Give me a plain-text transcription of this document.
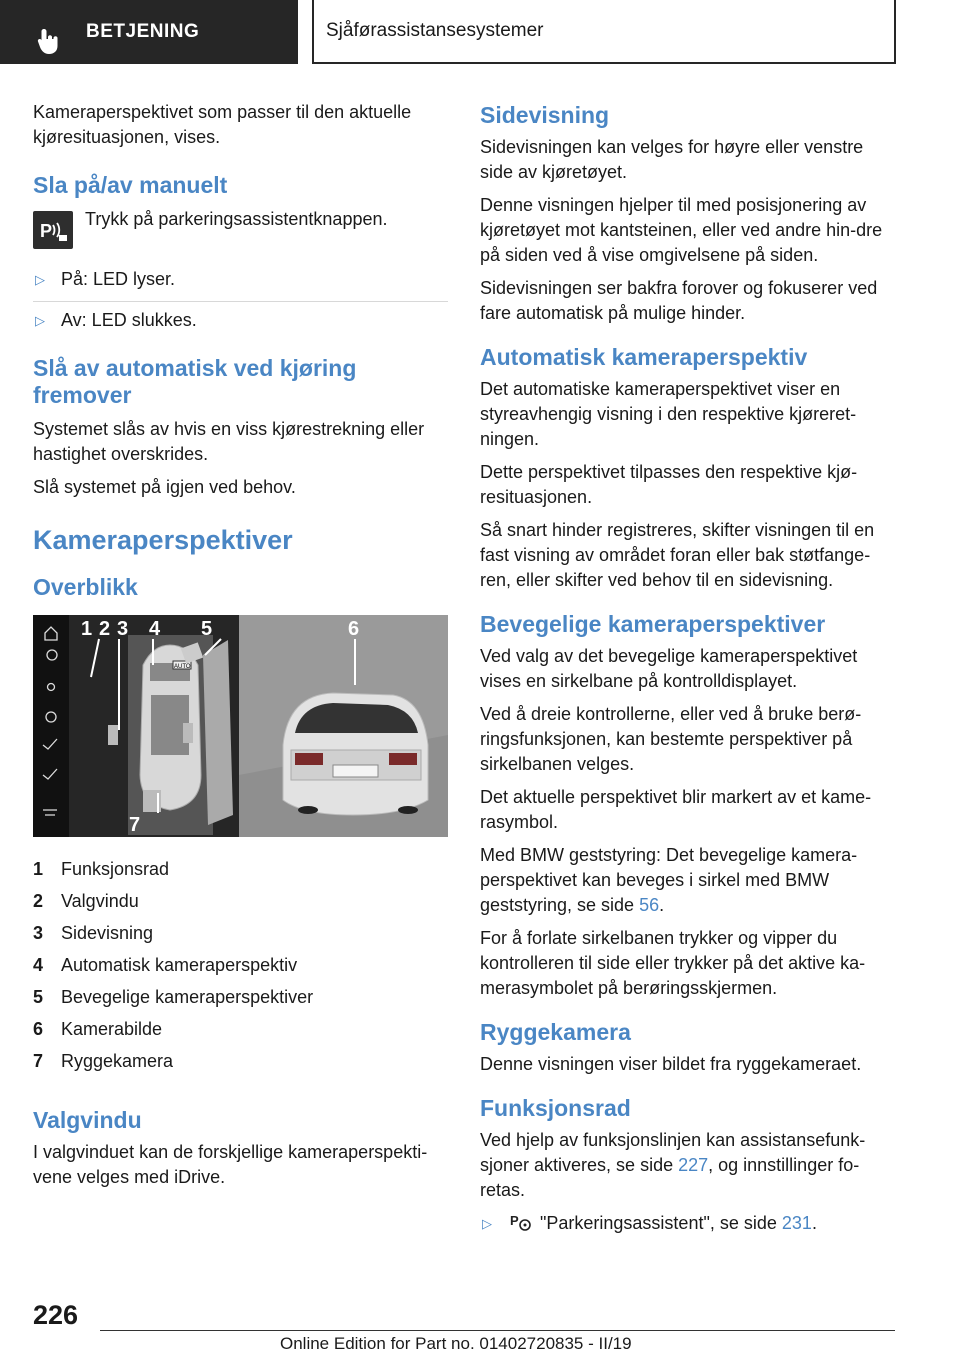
BETJENING	Sjåførassistansesystemer

Kameraperspektivet som passer til den aktuelle kjøresituasjonen, vises.

Sla på/av manuelt
P

Trykk på parkeringsassistentknappen.

▷ På: LED lyser.
▷ Av: LED slukkes.
Slå av automatisk ved kjøring fremover

Systemet slås av hvis en viss kjørestrekning eller hastighet overskrides.

Slå systemet på igjen ved behov.

Kameraperspektiver
Overblikk
AUTO
1 2 3 4 5	6
7
1 Funksjonsrad
2 Valgvindu
3 Sidevisning
4 Automatisk kameraperspektiv
5 Bevegelige kameraperspektiver
6 Kamerabilde
7 Ryggekamera
Valgvindu

I valgvinduet kan de forskjellige kameraperspekti-vene velges med iDrive.

Sidevisning

Sidevisningen kan velges for høyre eller venstre side av kjøretøyet.

Denne visningen hjelper til med posisjonering av kjøretøyet mot kantsteinen, eller ved andre hin-dre på siden ved å vise omgivelsene på siden.

Sidevisningen ser bakfra forover og fokuserer ved fare automatisk på mulige hinder.

Automatisk kameraperspektiv

Det automatiske kameraperspektivet viser en styreavhengig visning i den respektive kjøreret-ningen.

Dette perspektivet tilpasses den respektive kjø-resituasjonen.

Så snart hinder registreres, skifter visningen til en fast visning av området foran eller bak støtfange-ren, eller skifter ved behov til en sidevisning.

Bevegelige kameraperspektiver

Ved valg av det bevegelige kameraperspektivet vises en sirkelbane på kontrolldisplayet.

Ved å dreie kontrollerne, eller ved å bruke berø-ringsfunksjonen, kan bestemte perspektiver på sirkelbanen velges.

Det aktuelle perspektivet blir markert av et kame-rasymbol.

Med BMW geststyring: Det bevegelige kamera-perspektivet kan beveges i sirkel med BMW geststyring, se side 56.

For å forlate sirkelbanen trykker og vipper du kontrolleren til side eller trykker på det aktive ka-merasymbolet på berøringsskjermen.

Ryggekamera

Denne visningen viser bildet fra ryggekameraet.

Funksjonsrad

Ved hjelp av funksjonslinjen kan assistansefunk-sjoner aktiveres, se side 227, og innstillinger fo-retas.

▷	P "Parkeringsassistent", se side 231.
226
Online Edition for Part no. 01402720835 - II/19
